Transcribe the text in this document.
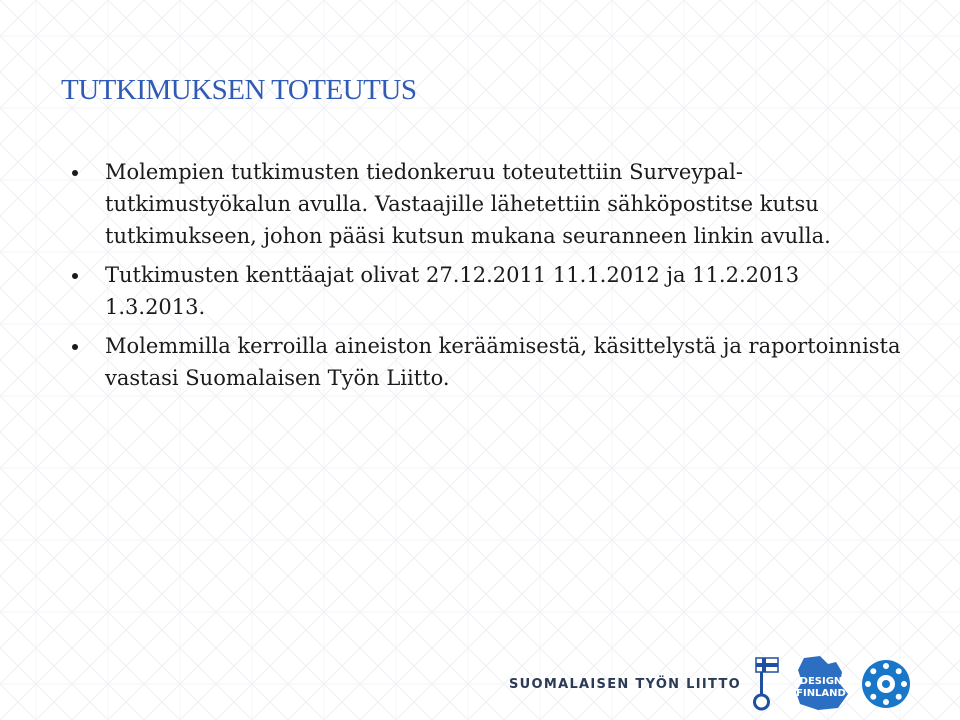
TUTKIMUKSEN TOTEUTUS
Molempien tutkimusten tiedonkeruu toteutettiin Surveypal-tutkimustyökalun avulla. Vastaajille lähetettiin sähköpostitse kutsu tutkimukseen, johon pääsi kutsun mukana seuranneen linkin avulla.
Tutkimusten kenttäajat olivat 27.12.2011 11.1.2012 ja 11.2.2013 1.3.2013.
Molemmilla kerroilla aineiston keräämisestä, käsittelystä ja raportoinnista vastasi Suomalaisen Työn Liitto.
SUOMALAISEN TYÖN LIITTO	DESIGN
FINLAND
